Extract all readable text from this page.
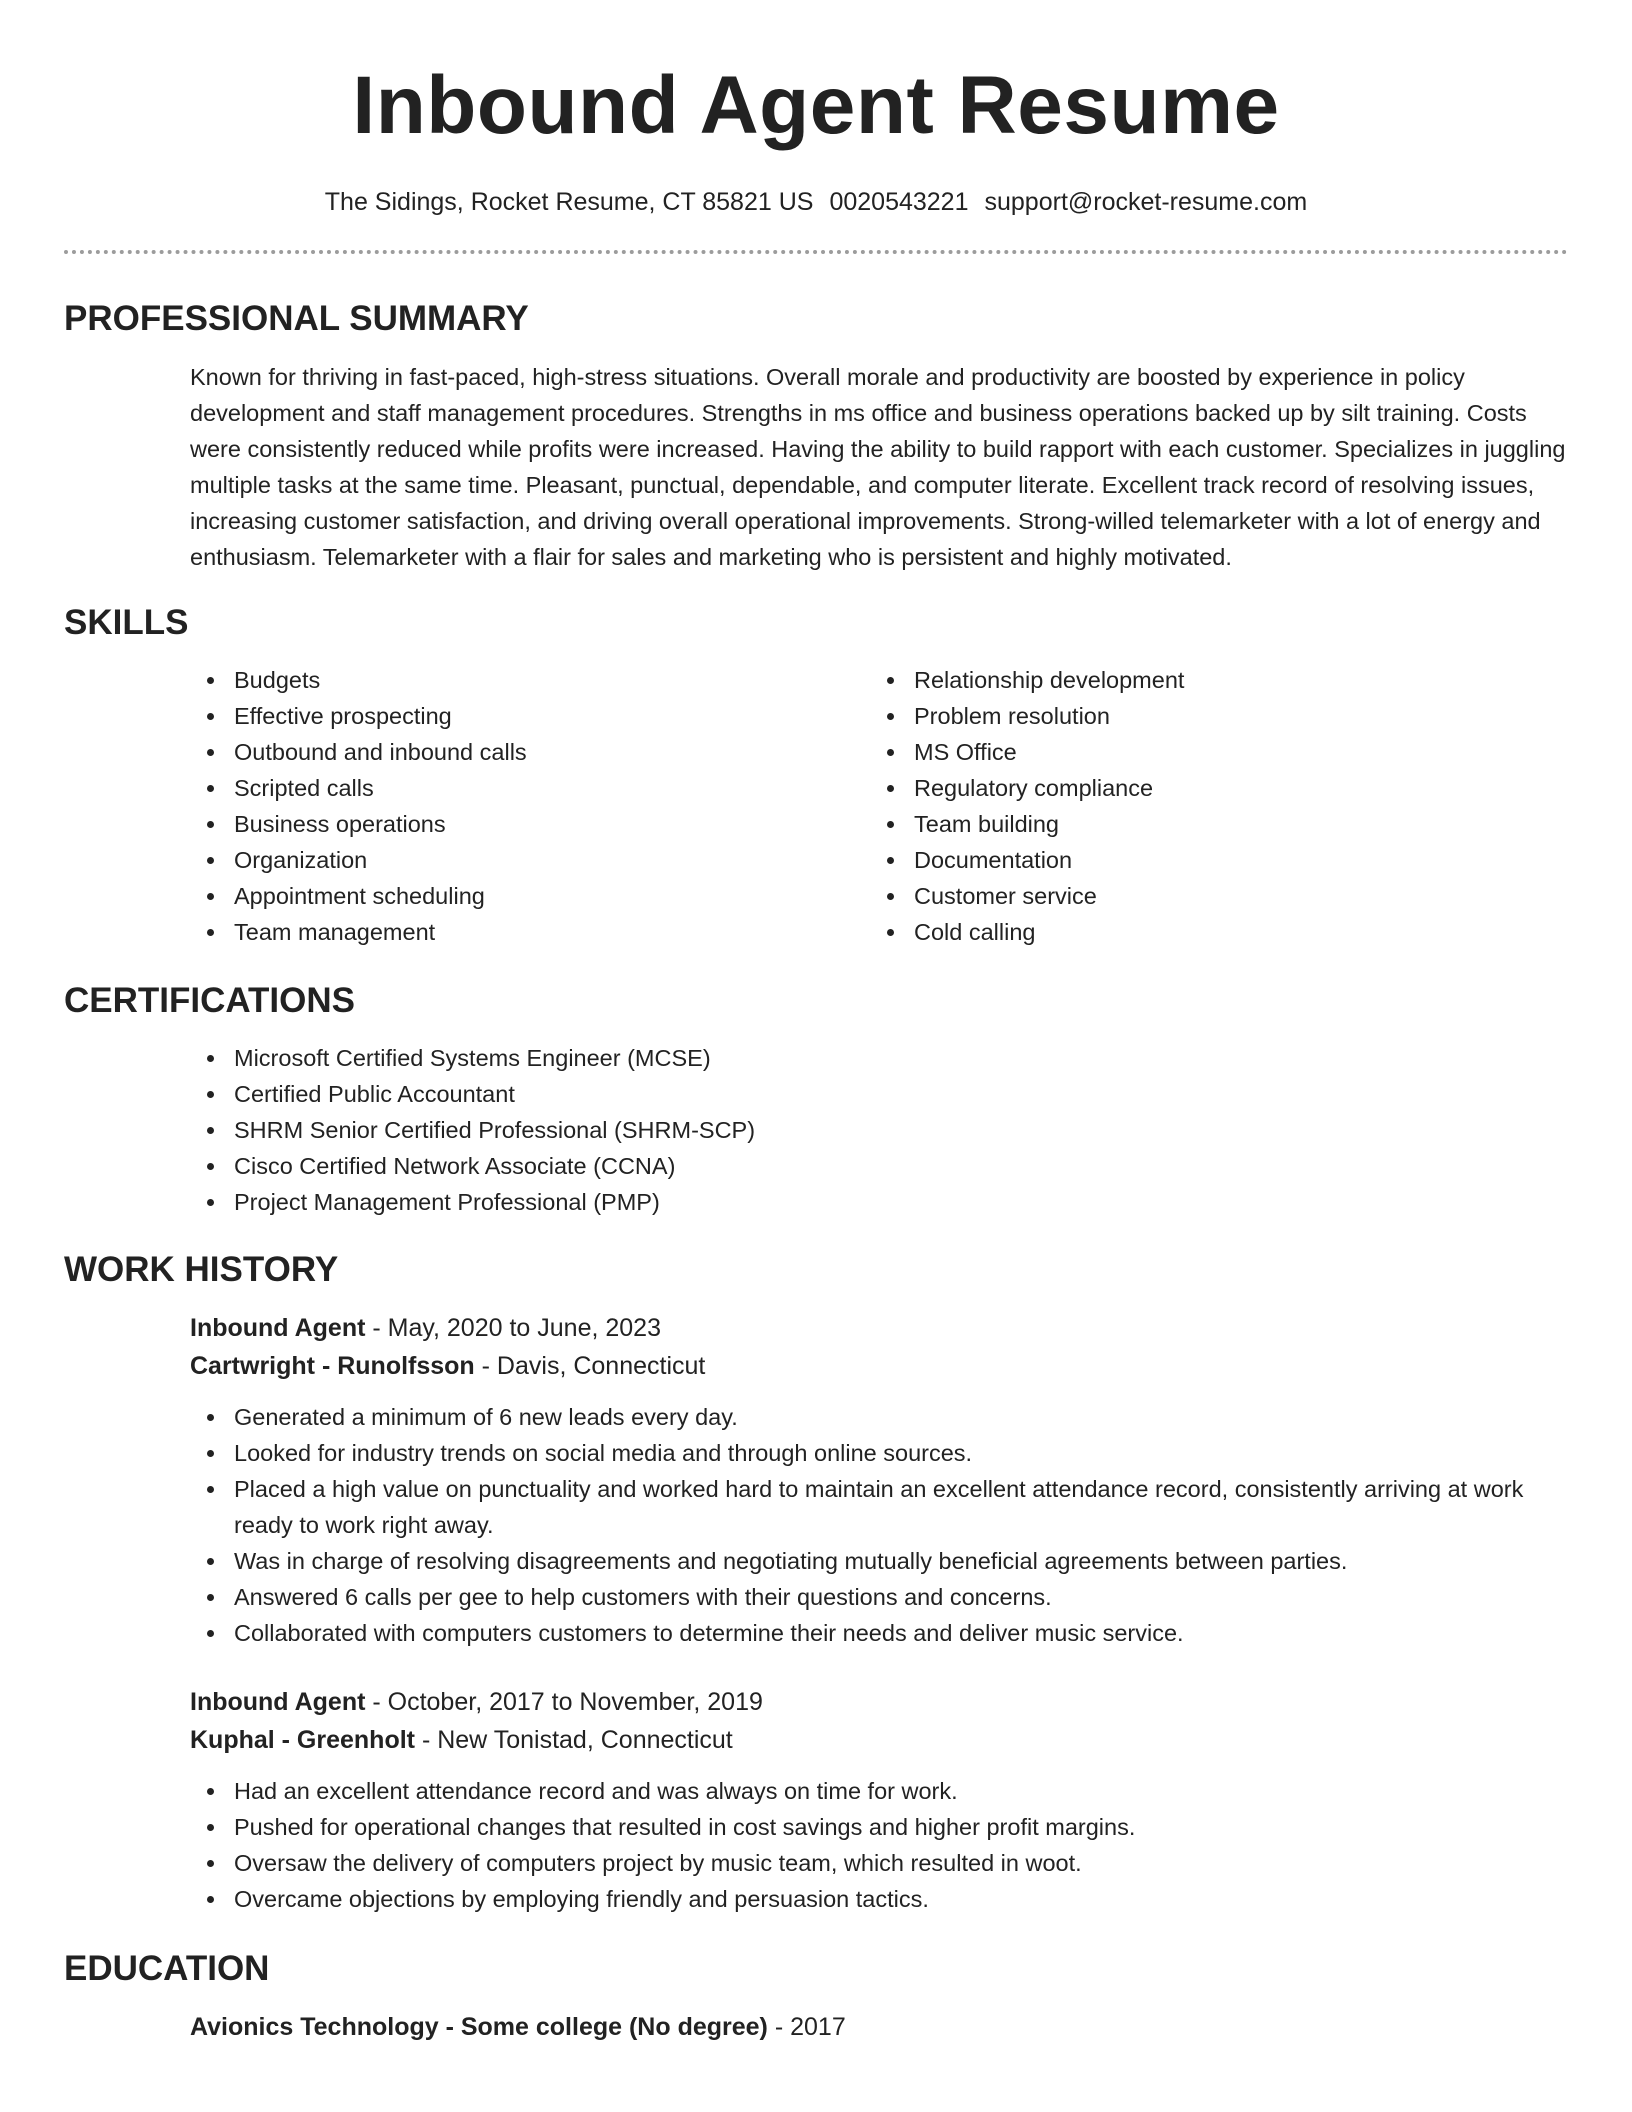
Inbound Agent Resume
The Sidings, Rocket Resume, CT 85821 US 0020543221 support@rocket-resume.com
PROFESSIONAL SUMMARY

Known for thriving in fast-paced, high-stress situations. Overall morale and productivity are boosted by experience in policy development and staff management procedures. Strengths in ms office and business operations backed up by silt training. Costs were consistently reduced while profits were increased. Having the ability to build rapport with each customer. Specializes in juggling multiple tasks at the same time. Pleasant, punctual, dependable, and computer literate. Excellent track record of resolving issues, increasing customer satisfaction, and driving overall operational improvements. Strong-willed telemarketer with a lot of energy and enthusiasm. Telemarketer with a flair for sales and marketing who is persistent and highly motivated.

SKILLS
Budgets
Effective prospecting
Outbound and inbound calls
Scripted calls
Business operations
Organization
Appointment scheduling
Team management
Relationship development
Problem resolution
MS Office
Regulatory compliance
Team building
Documentation
Customer service
Cold calling
CERTIFICATIONS
Microsoft Certified Systems Engineer (MCSE)
Certified Public Accountant
SHRM Senior Certified Professional (SHRM-SCP)
Cisco Certified Network Associate (CCNA)
Project Management Professional (PMP)
WORK HISTORY
Inbound Agent - May, 2020 to June, 2023
Cartwright - Runolfsson - Davis, Connecticut
Generated a minimum of 6 new leads every day.
Looked for industry trends on social media and through online sources.
Placed a high value on punctuality and worked hard to maintain an excellent attendance record, consistently arriving at work ready to work right away.
Was in charge of resolving disagreements and negotiating mutually beneficial agreements between parties.
Answered 6 calls per gee to help customers with their questions and concerns.
Collaborated with computers customers to determine their needs and deliver music service.
Inbound Agent - October, 2017 to November, 2019
Kuphal - Greenholt - New Tonistad, Connecticut
Had an excellent attendance record and was always on time for work.
Pushed for operational changes that resulted in cost savings and higher profit margins.
Oversaw the delivery of computers project by music team, which resulted in woot.
Overcame objections by employing friendly and persuasion tactics.
EDUCATION
Avionics Technology - Some college (No degree) - 2017
